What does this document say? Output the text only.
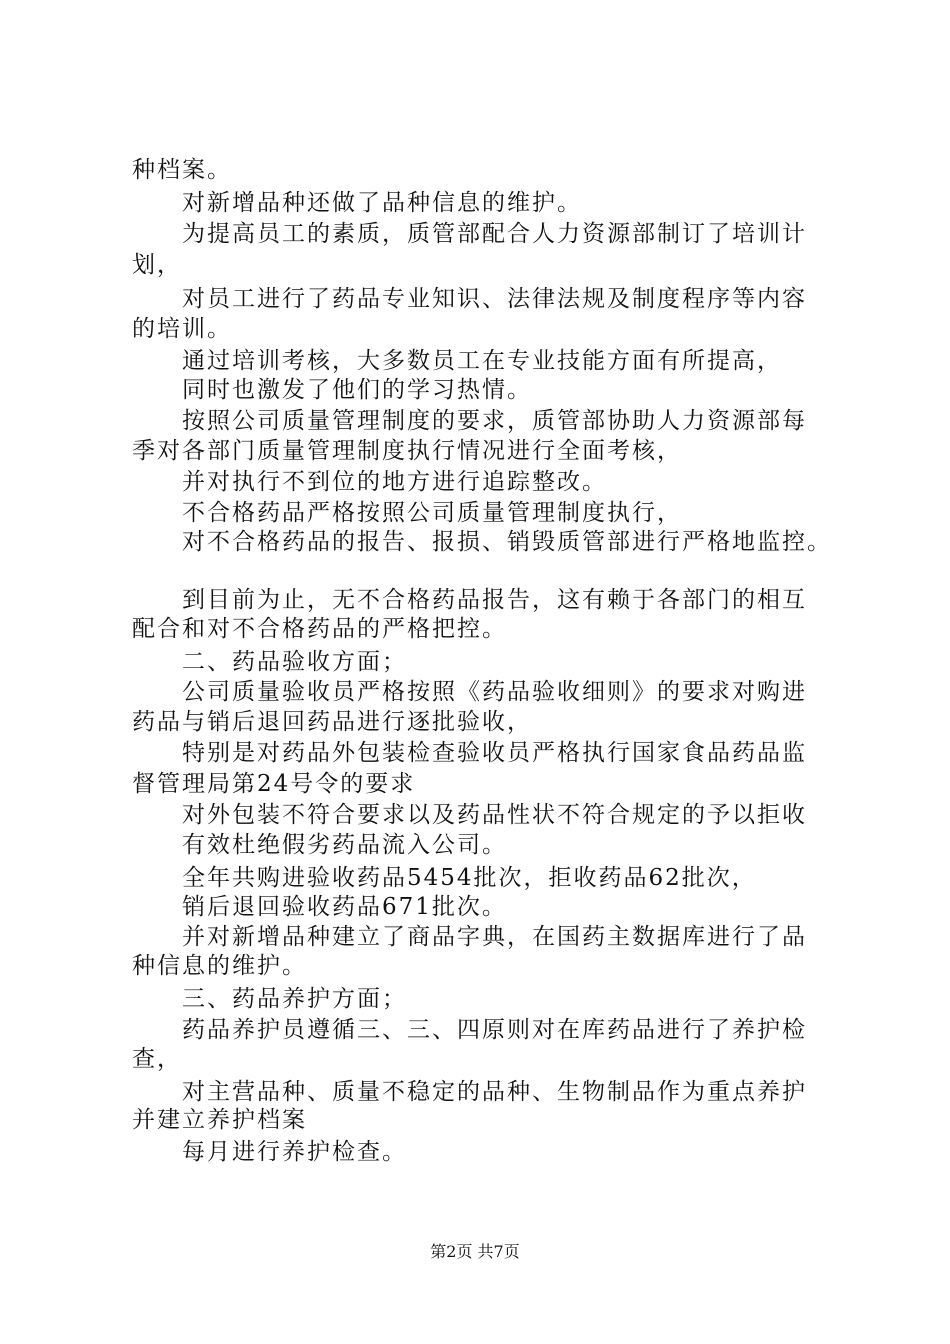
种档案。

对新增品种还做了品种信息的维护。

为提高员工的素质，质管部配合人力资源部制订了培训计

划，

对员工进行了药品专业知识、法律法规及制度程序等内容

的培训。

通过培训考核，大多数员工在专业技能方面有所提高，

同时也激发了他们的学习热情。

按照公司质量管理制度的要求，质管部协助人力资源部每

季对各部门质量管理制度执行情况进行全面考核，

并对执行不到位的地方进行追踪整改。

不合格药品严格按照公司质量管理制度执行，

对不合格药品的报告、报损、销毁质管部进行严格地监控。

到目前为止，无不合格药品报告，这有赖于各部门的相互

配合和对不合格药品的严格把控。

二、药品验收方面；

公司质量验收员严格按照《药品验收细则》的要求对购进

药品与销后退回药品进行逐批验收，

特别是对药品外包装检查验收员严格执行国家食品药品监

督管理局第24号令的要求

对外包装不符合要求以及药品性状不符合规定的予以拒收

有效杜绝假劣药品流入公司。

全年共购进验收药品5454批次，拒收药品62批次，

销后退回验收药品671批次。

并对新增品种建立了商品字典，在国药主数据库进行了品

种信息的维护。

三、药品养护方面；

药品养护员遵循三、三、四原则对在库药品进行了养护检

查，

对主营品种、质量不稳定的品种、生物制品作为重点养护

并建立养护档案

每月进行养护检查。

第2页 共7页
